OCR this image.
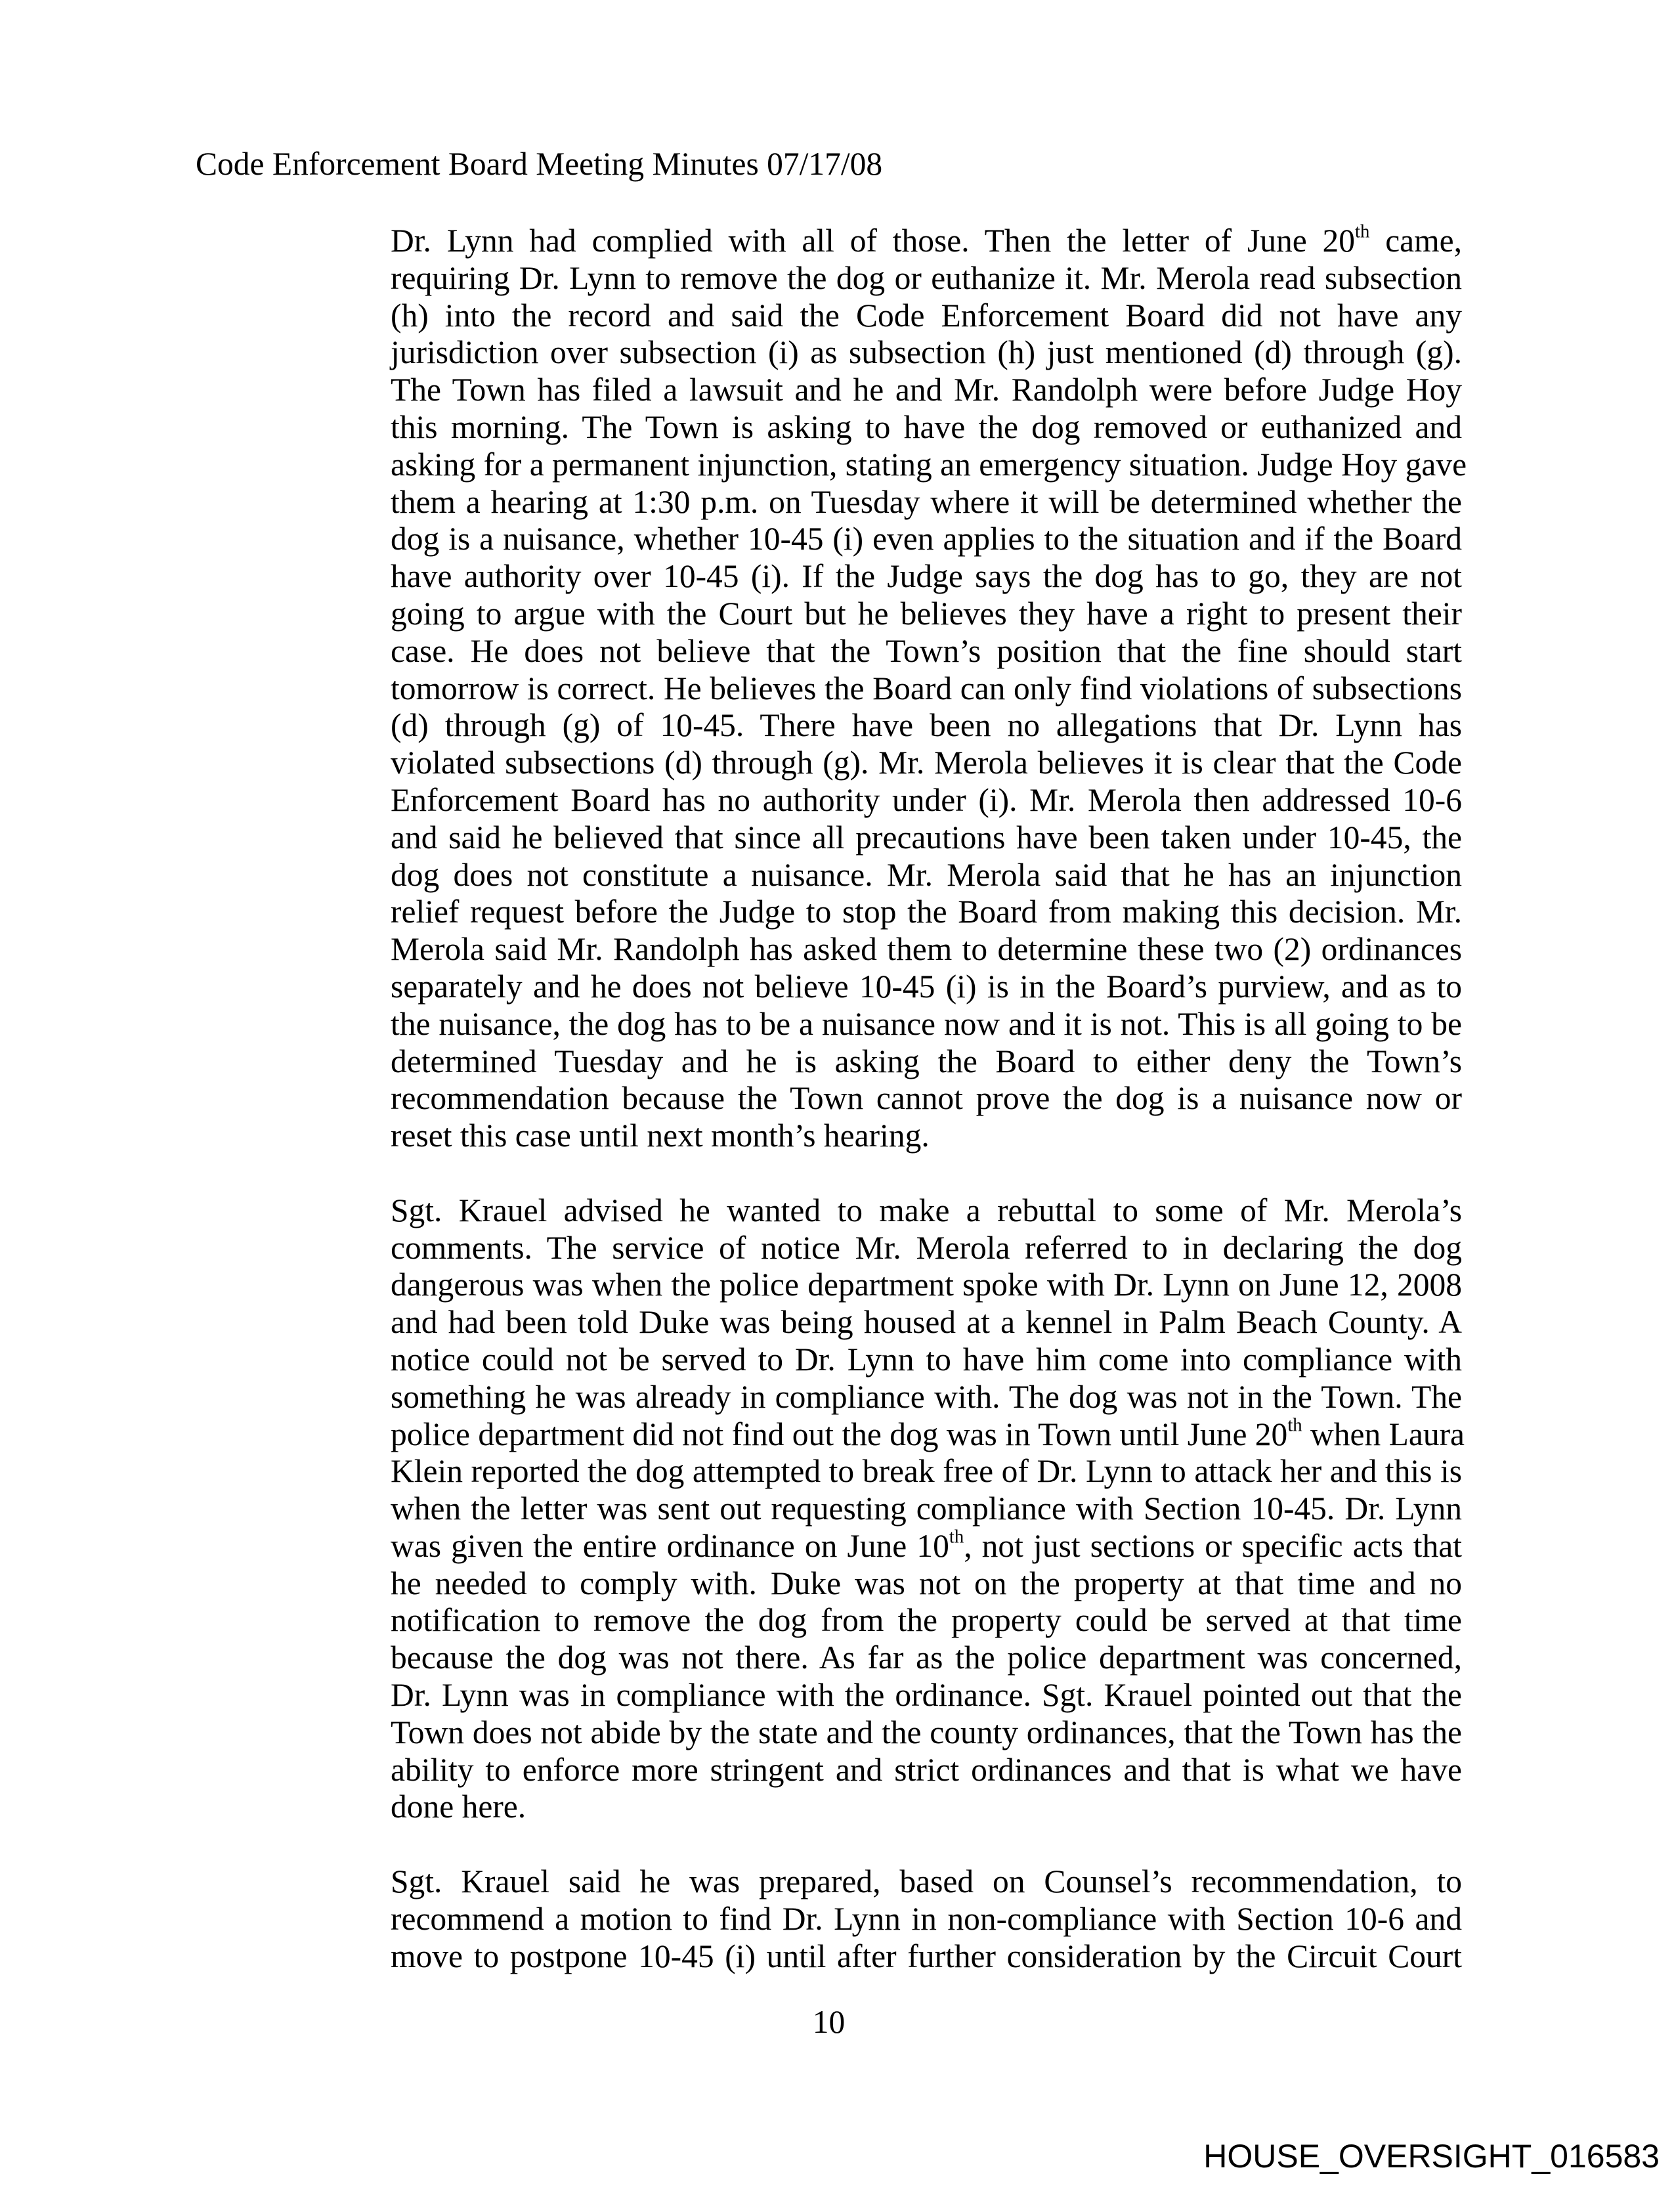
Code Enforcement Board Meeting Minutes 07/17/08
Dr. Lynn had complied with all of those. Then the letter of June 20th came,
requiring Dr. Lynn to remove the dog or euthanize it. Mr. Merola read subsection
(h) into the record and said the Code Enforcement Board did not have any
jurisdiction over subsection (i) as subsection (h) just mentioned (d) through (g).
The Town has filed a lawsuit and he and Mr. Randolph were before Judge Hoy
this morning. The Town is asking to have the dog removed or euthanized and
asking for a permanent injunction, stating an emergency situation. Judge Hoy gave
them a hearing at 1:30 p.m. on Tuesday where it will be determined whether the
dog is a nuisance, whether 10-45 (i) even applies to the situation and if the Board
have authority over 10-45 (i). If the Judge says the dog has to go, they are not
going to argue with the Court but he believes they have a right to present their
case. He does not believe that the Town’s position that the fine should start
tomorrow is correct. He believes the Board can only find violations of subsections
(d) through (g) of 10-45. There have been no allegations that Dr. Lynn has
violated subsections (d) through (g). Mr. Merola believes it is clear that the Code
Enforcement Board has no authority under (i). Mr. Merola then addressed 10-6
and said he believed that since all precautions have been taken under 10-45, the
dog does not constitute a nuisance. Mr. Merola said that he has an injunction
relief request before the Judge to stop the Board from making this decision. Mr.
Merola said Mr. Randolph has asked them to determine these two (2) ordinances
separately and he does not believe 10-45 (i) is in the Board’s purview, and as to
the nuisance, the dog has to be a nuisance now and it is not. This is all going to be
determined Tuesday and he is asking the Board to either deny the Town’s
recommendation because the Town cannot prove the dog is a nuisance now or
reset this case until next month’s hearing.
Sgt. Krauel advised he wanted to make a rebuttal to some of Mr. Merola’s
comments. The service of notice Mr. Merola referred to in declaring the dog
dangerous was when the police department spoke with Dr. Lynn on June 12, 2008
and had been told Duke was being housed at a kennel in Palm Beach County. A
notice could not be served to Dr. Lynn to have him come into compliance with
something he was already in compliance with. The dog was not in the Town. The
police department did not find out the dog was in Town until June 20th when Laura
Klein reported the dog attempted to break free of Dr. Lynn to attack her and this is
when the letter was sent out requesting compliance with Section 10-45. Dr. Lynn
was given the entire ordinance on June 10th, not just sections or specific acts that
he needed to comply with. Duke was not on the property at that time and no
notification to remove the dog from the property could be served at that time
because the dog was not there. As far as the police department was concerned,
Dr. Lynn was in compliance with the ordinance. Sgt. Krauel pointed out that the
Town does not abide by the state and the county ordinances, that the Town has the
ability to enforce more stringent and strict ordinances and that is what we have
done here.
Sgt. Krauel said he was prepared, based on Counsel’s recommendation, to
recommend a motion to find Dr. Lynn in non-compliance with Section 10-6 and
move to postpone 10-45 (i) until after further consideration by the Circuit Court
10
HOUSE_OVERSIGHT_016583
